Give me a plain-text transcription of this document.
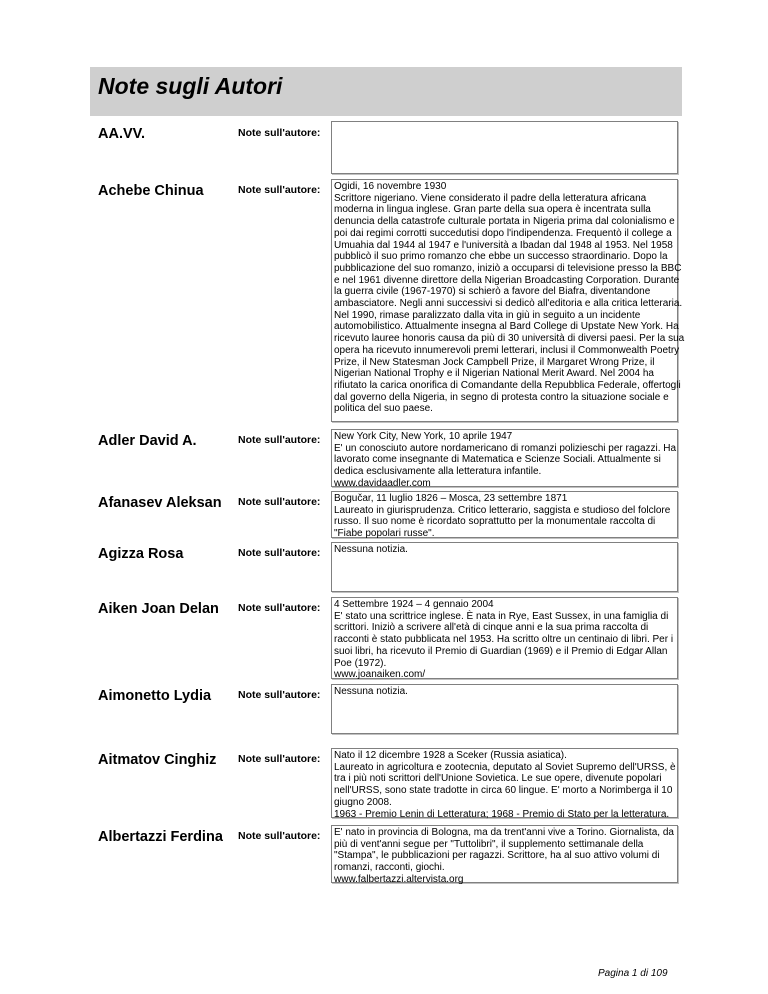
Note sugli Autori
AA.VV.	Note sull'autore:
Achebe Chinua	Note sull'autore: Ogidi, 16 novembre 1930
Scrittore nigeriano. Viene considerato il padre della letteratura africana
moderna in lingua inglese. Gran parte della sua opera è incentrata sulla
denuncia della catastrofe culturale portata in Nigeria prima dal colonialismo e
poi dai regimi corrotti succedutisi dopo l'indipendenza. Frequentò il college a
Umuahia dal 1944 al 1947 e l'università a Ibadan dal 1948 al 1953. Nel 1958
pubblicò il suo primo romanzo che ebbe un successo straordinario. Dopo la
pubblicazione del suo romanzo, iniziò a occuparsi di televisione presso la BBC
e nel 1961 divenne direttore della Nigerian Broadcasting Corporation. Durante
la guerra civile (1967-1970) si schierò a favore del Biafra, diventandone
ambasciatore. Negli anni successivi si dedicò all'editoria e alla critica letteraria.
Nel 1990, rimase paralizzato dalla vita in giù in seguito a un incidente
automobilistico. Attualmente insegna al Bard College di Upstate New York. Ha
ricevuto lauree honoris causa da più di 30 università di diversi paesi. Per la sua
opera ha ricevuto innumerevoli premi letterari, inclusi il Commonwealth Poetry
Prize, il New Statesman Jock Campbell Prize, il Margaret Wrong Prize, il
Nigerian National Trophy e il Nigerian National Merit Award. Nel 2004 ha
rifiutato la carica onorifica di Comandante della Repubblica Federale, offertogli
dal governo della Nigeria, in segno di protesta contro la situazione sociale e
politica del suo paese.
Adler David A.	Note sull'autore: New York City, New York, 10 aprile 1947
E' un conosciuto autore nordamericano di romanzi polizieschi per ragazzi. Ha
lavorato come insegnante di Matematica e Scienze Sociali. Attualmente si
dedica esclusivamente alla letteratura infantile.
www.davidaadler.com
Afanasev Aleksan Note sull'autore: Bogučar, 11 luglio 1826 – Mosca, 23 settembre 1871
Laureato in giurisprudenza. Critico letterario, saggista e studioso del folclore
russo. Il suo nome è ricordato soprattutto per la monumentale raccolta di
"Fiabe popolari russe".
Agizza Rosa	Note sull'autore: Nessuna notizia.
Aiken Joan Delan Note sull'autore: 4 Settembre 1924 – 4 gennaio 2004
E' stato una scrittrice inglese. È nata in Rye, East Sussex, in una famiglia di
scrittori. Iniziò a scrivere all'età di cinque anni e la sua prima raccolta di
racconti è stato pubblicata nel 1953. Ha scritto oltre un centinaio di libri. Per i
suoi libri, ha ricevuto il Premio di Guardian (1969) e il Premio di Edgar Allan
Poe (1972).
www.joanaiken.com/
Aimonetto Lydia	Note sull'autore: Nessuna notizia.
Aitmatov Cinghiz Note sull'autore: Nato il 12 dicembre 1928 a Sceker (Russia asiatica).
Laureato in agricoltura e zootecnia, deputato al Soviet Supremo dell'URSS, è
tra i più noti scrittori dell'Unione Sovietica. Le sue opere, divenute popolari
nell'URSS, sono state tradotte in circa 60 lingue. E' morto a Norimberga il 10
giugno 2008.
1963 - Premio Lenin di Letteratura; 1968 - Premio di Stato per la letteratura.
Albertazzi Ferdina Note sull'autore: E' nato in provincia di Bologna, ma da trent'anni vive a Torino. Giornalista, da
più di vent'anni segue per "Tuttolibri", il supplemento settimanale della
"Stampa", le pubblicazioni per ragazzi. Scrittore, ha al suo attivo volumi di
romanzi, racconti, giochi.
www.falbertazzi.altervista.org
Pagina 1 di 109
